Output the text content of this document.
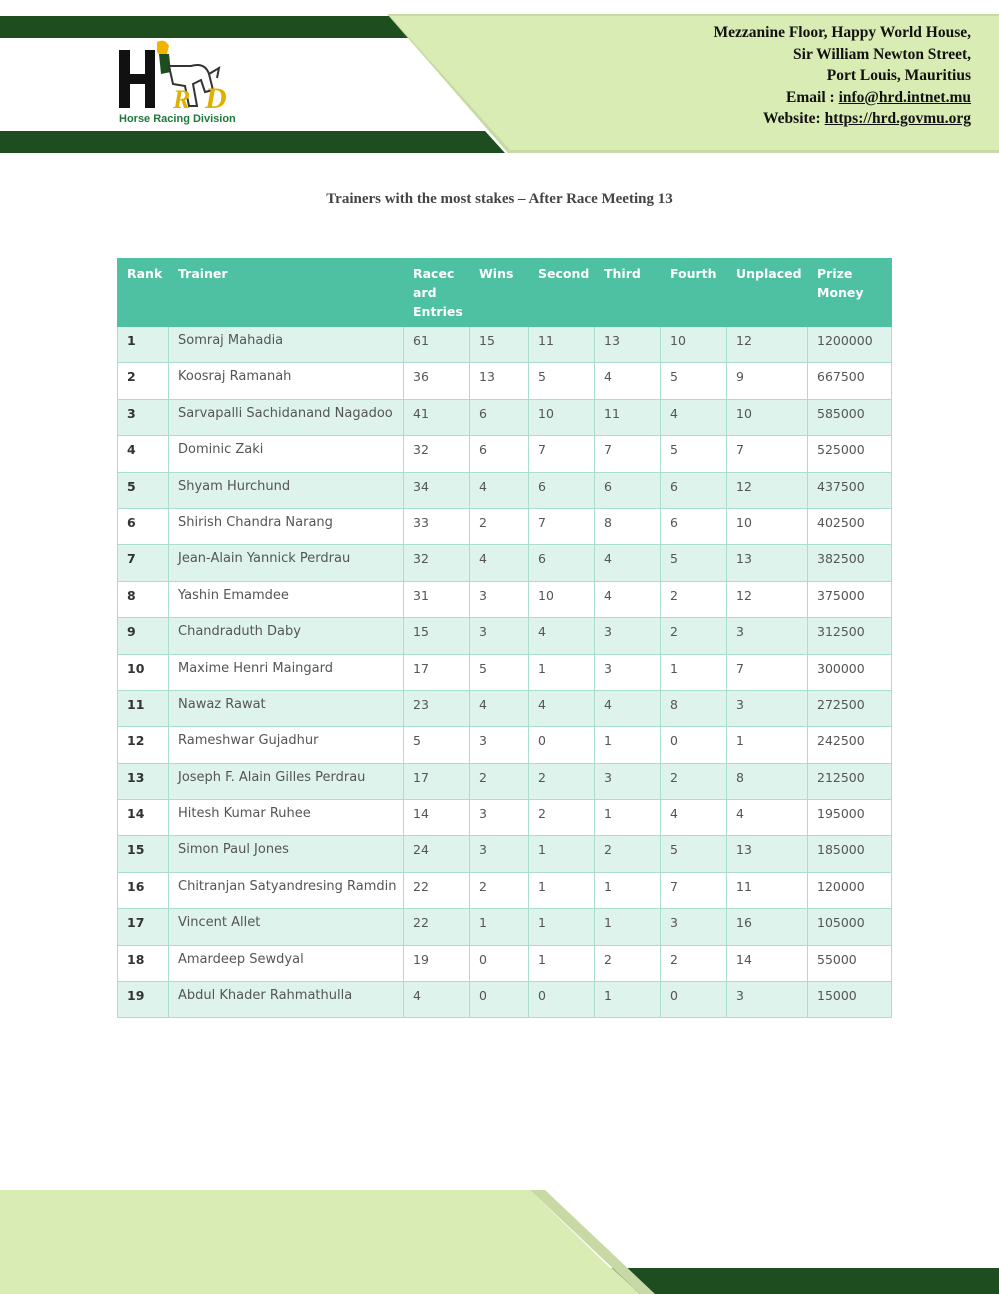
D
R
Horse Racing Division
Mezzanine Floor, Happy World House,
Sir William Newton Street,
Port Louis, Mauritius
Email : info@hrd.intnet.mu
Website: https://hrd.govmu.org
Trainers with the most stakes – After Race Meeting 13
Rank	Trainer	Racec ard Entries	Wins	Second	Third	Fourth	Unplaced	Prize Money
1	Somraj Mahadia	61	15	11	13	10	12	1200000
2	Koosraj Ramanah	36	13	5	4	5	9	667500
3	Sarvapalli Sachidanand Nagadoo	41	6	10	11	4	10	585000
4	Dominic Zaki	32	6	7	7	5	7	525000
5	Shyam Hurchund	34	4	6	6	6	12	437500
6	Shirish Chandra Narang	33	2	7	8	6	10	402500
7	Jean-Alain Yannick Perdrau	32	4	6	4	5	13	382500
8	Yashin Emamdee	31	3	10	4	2	12	375000
9	Chandraduth Daby	15	3	4	3	2	3	312500
10	Maxime Henri Maingard	17	5	1	3	1	7	300000
11	Nawaz Rawat	23	4	4	4	8	3	272500
12	Rameshwar Gujadhur	5	3	0	1	0	1	242500
13	Joseph F. Alain Gilles Perdrau	17	2	2	3	2	8	212500
14	Hitesh Kumar Ruhee	14	3	2	1	4	4	195000
15	Simon Paul Jones	24	3	1	2	5	13	185000
16	Chitranjan Satyandresing Ramdin	22	2	1	1	7	11	120000
17	Vincent Allet	22	1	1	1	3	16	105000
18	Amardeep Sewdyal	19	0	1	2	2	14	55000
19	Abdul Khader Rahmathulla	4	0	0	1	0	3	15000
